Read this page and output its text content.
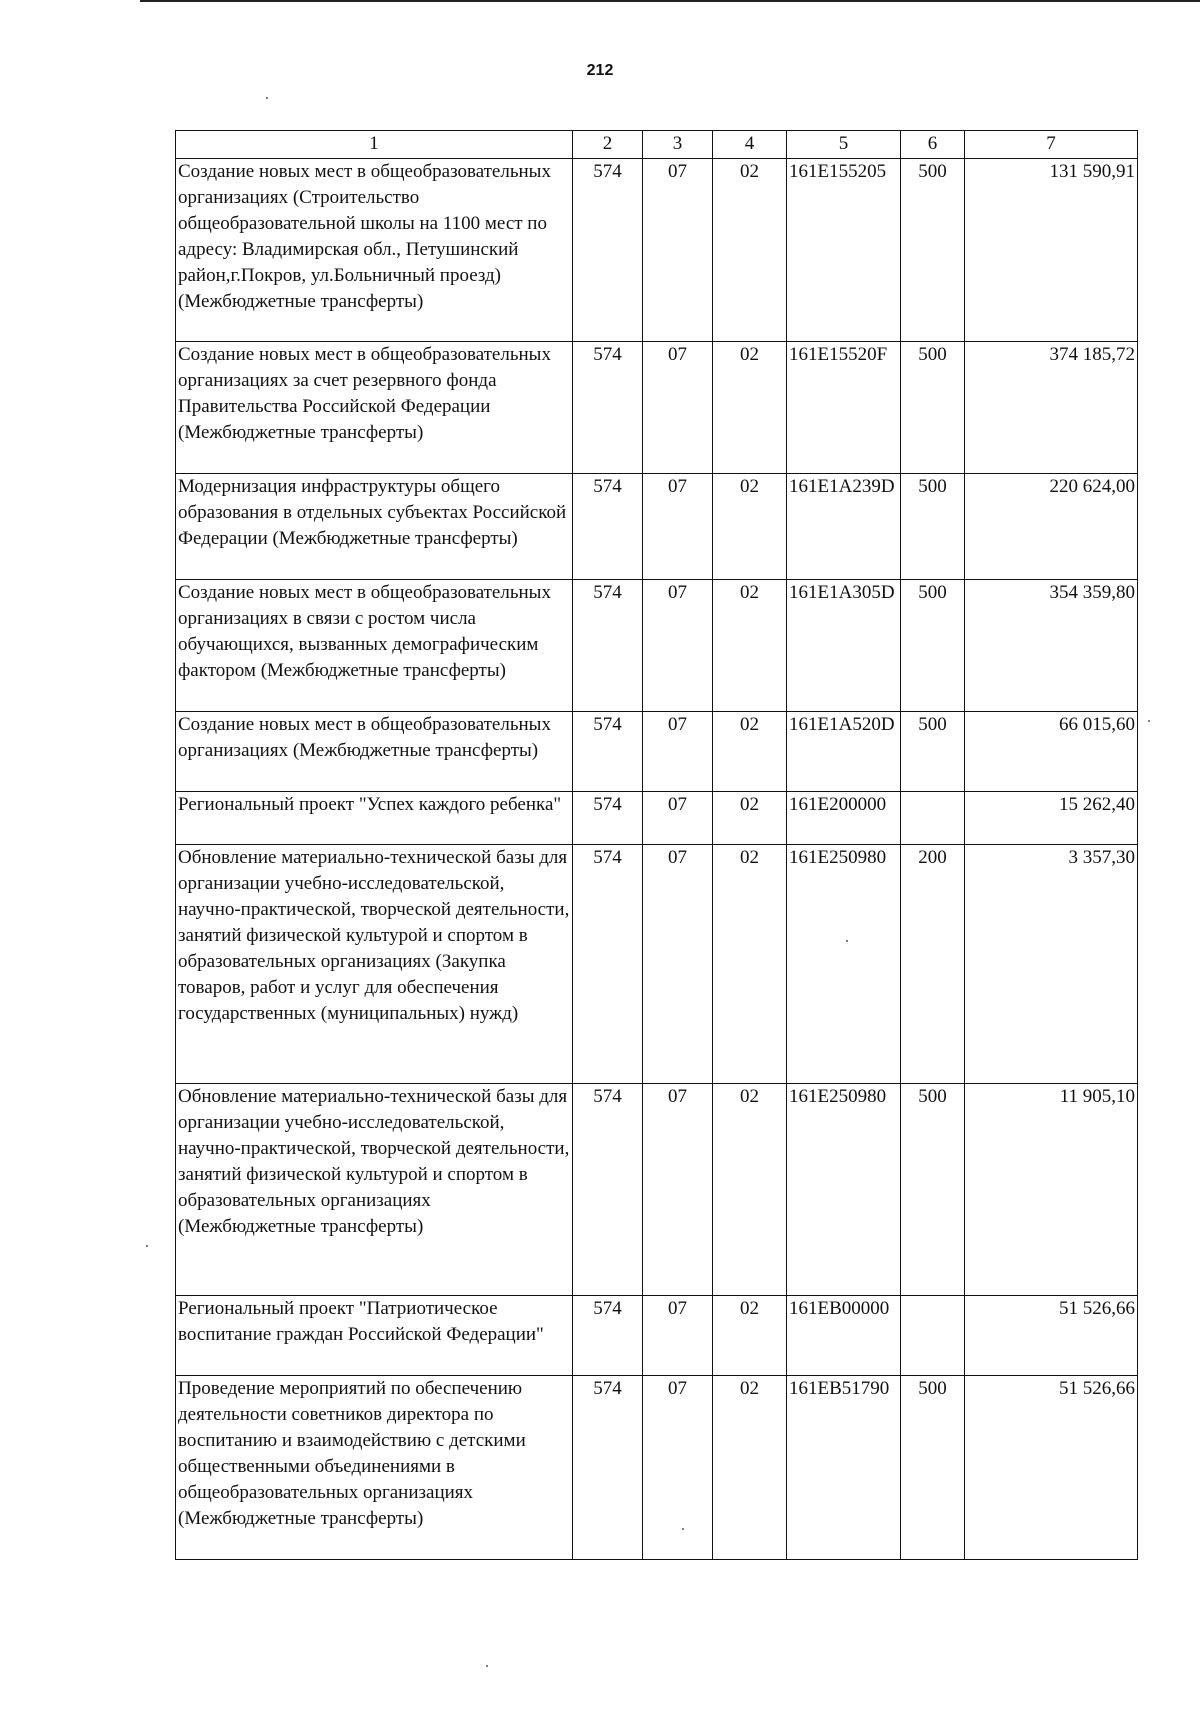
212
1	2	3	4	5	6	7
Создание новых мест в общеобразовательных организациях (Строительство общеобразовательной школы на 1100 мест по адресу: Владимирская обл., Петушинский район,г.Покров, ул.Больничный проезд) (Межбюджетные трансферты)	574	07	02	161E155205	500	131 590,91
Создание новых мест в общеобразовательных организациях за счет резервного фонда Правительства Российской Федерации (Межбюджетные трансферты)	574	07	02	161E15520F	500	374 185,72
Модернизация инфраструктуры общего образования в отдельных субъектах Российской Федерации (Межбюджетные трансферты)	574	07	02	161E1A239D	500	220 624,00
Создание новых мест в общеобразовательных организациях в связи с ростом числа обучающихся, вызванных демографическим фактором (Межбюджетные трансферты)	574	07	02	161E1A305D	500	354 359,80
Создание новых мест в общеобразовательных организациях (Межбюджетные трансферты)	574	07	02	161E1A520D	500	66 015,60
Региональный проект "Успех каждого ребенка"	574	07	02	161E200000		15 262,40
Обновление материально-технической базы для организации учебно-исследовательской, научно-практической, творческой деятельности, занятий физической культурой и спортом в образовательных организациях (Закупка товаров, работ и услуг для обеспечения государственных (муниципальных) нужд)	574	07	02	161E250980	200	3 357,30
Обновление материально-технической базы для организации учебно-исследовательской, научно-практической, творческой деятельности, занятий физической культурой и спортом в образовательных организациях (Межбюджетные трансферты)	574	07	02	161E250980	500	11 905,10
Региональный проект "Патриотическое воспитание граждан Российской Федерации"	574	07	02	161EB00000		51 526,66
Проведение мероприятий по обеспечению деятельности советников директора по воспитанию и взаимодействию с детскими общественными объединениями в общеобразовательных организациях (Межбюджетные трансферты)	574	07	02	161EB51790	500	51 526,66
